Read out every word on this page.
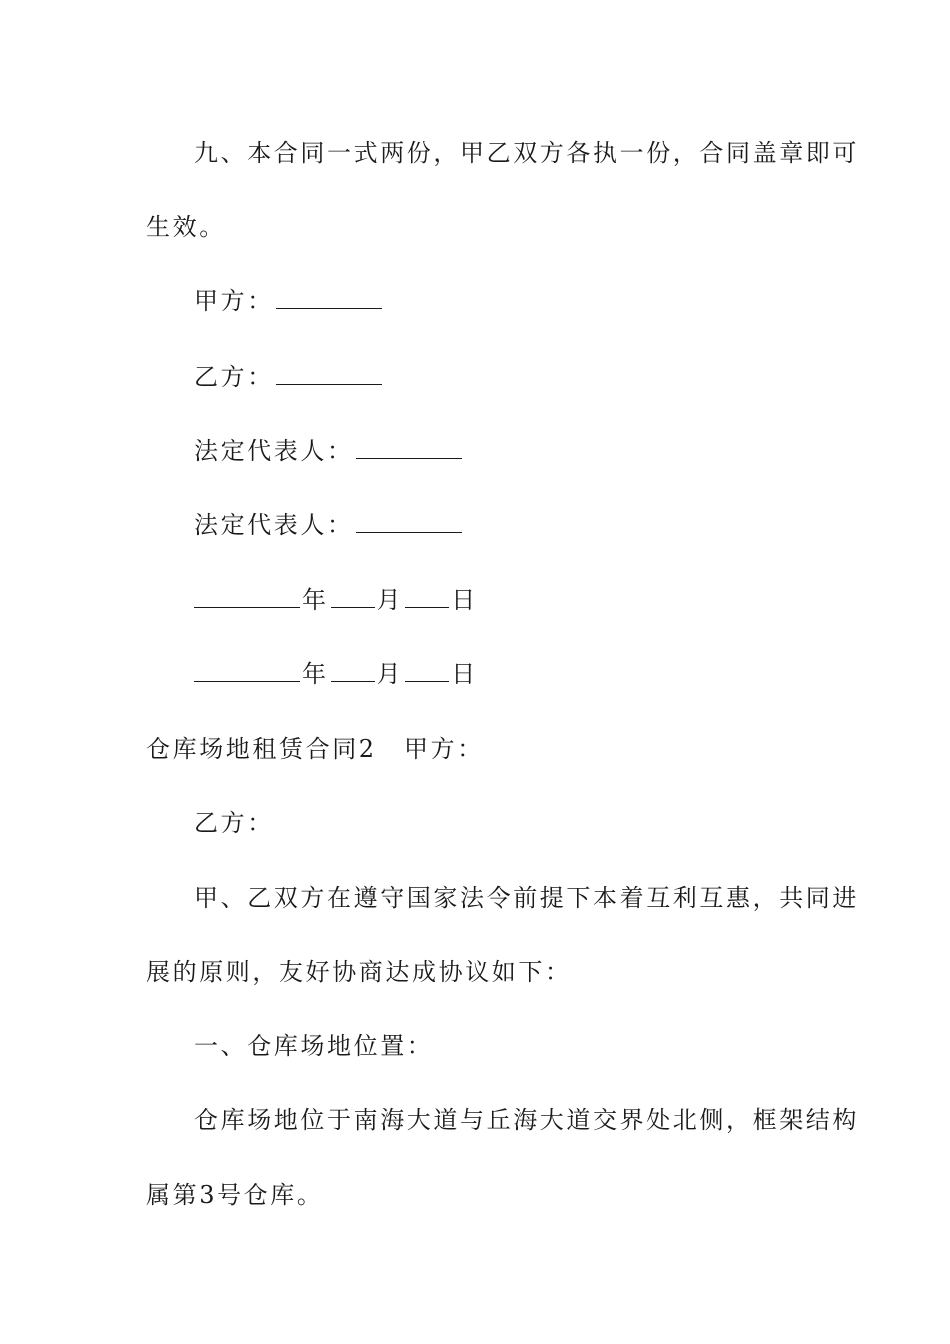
九、本合同一式两份，甲乙双方各执一份，合同盖章即可
生效。
甲方：
乙方：
法定代表人：
法定代表人：
年 月 日
年 月 日
仓库场地租赁合同2 甲方：
乙方：
甲、乙双方在遵守国家法令前提下本着互利互惠，共同进
展的原则，友好协商达成协议如下：
一、仓库场地位置：
仓库场地位于南海大道与丘海大道交界处北侧，框架结构
属第3号仓库。
